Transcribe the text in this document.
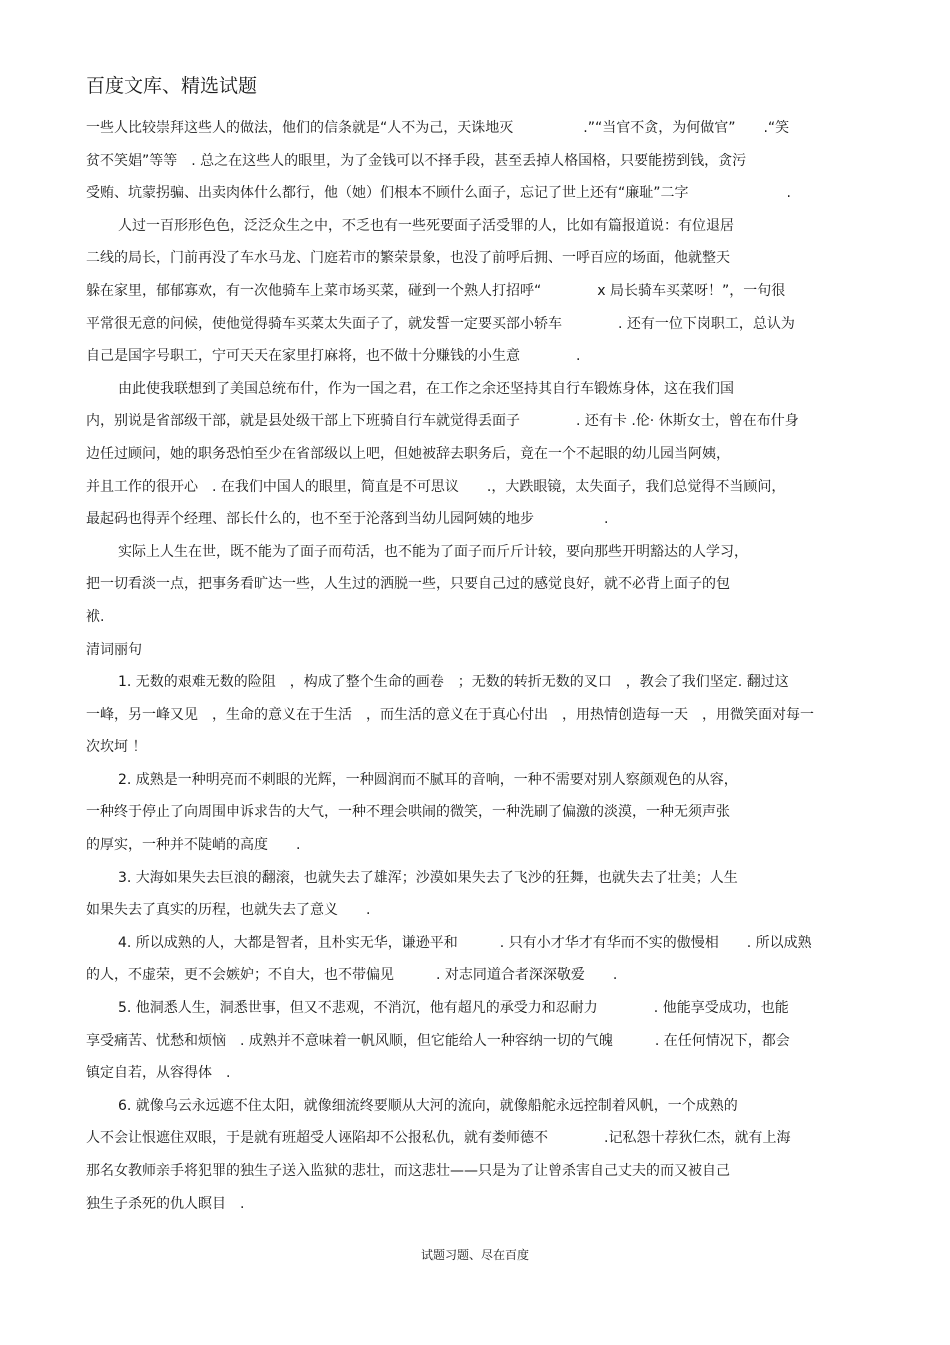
百度文库、精选试题
一些人比较崇拜这些人的做法，他们的信条就是“人不为己，天诛地灭　　　　　.”“当官不贪，为何做官”　　.“笑
贫不笑娼”等等　. 总之在这些人的眼里，为了金钱可以不择手段，甚至丢掉人格国格，只要能捞到钱，贪污
受贿、坑蒙拐骗、出卖肉体什么都行，他（她）们根本不顾什么面子，忘记了世上还有“廉耻”二字　　　　　　　.
人过一百形形色色，泛泛众生之中，不乏也有一些死要面子活受罪的人，比如有篇报道说：有位退居
二线的局长，门前再没了车水马龙、门庭若市的繁荣景象，也没了前呼后拥、一呼百应的场面，他就整天
躲在家里，郁郁寡欢，有一次他骑车上菜市场买菜，碰到一个熟人打招呼“　　　　x 局长骑车买菜呀！”，一句很
平常很无意的问候，使他觉得骑车买菜太失面子了，就发誓一定要买部小轿车　　　　. 还有一位下岗职工，总认为
自己是国字号职工，宁可天天在家里打麻将，也不做十分赚钱的小生意　　　　.
由此使我联想到了美国总统布什，作为一国之君，在工作之余还坚持其自行车锻炼身体，这在我们国
内，别说是省部级干部，就是县处级干部上下班骑自行车就觉得丢面子　　　　. 还有卡 .伦· 休斯女士，曾在布什身
边任过顾问，她的职务恐怕至少在省部级以上吧，但她被辞去职务后，竟在一个不起眼的幼儿园当阿姨，
并且工作的很开心　. 在我们中国人的眼里，简直是不可思议　　.，大跌眼镜，太失面子，我们总觉得不当顾问，
最起码也得弄个经理、部长什么的，也不至于沦落到当幼儿园阿姨的地步　　　　　.
实际上人生在世，既不能为了面子而苟活，也不能为了面子而斤斤计较，要向那些开明豁达的人学习，
把一切看淡一点，把事务看旷达一些，人生过的洒脱一些，只要自己过的感觉良好，就不必背上面子的包
袱.
清词丽句
1. 无数的艰难无数的险阻　，构成了整个生命的画卷　；无数的转折无数的叉口　，教会了我们坚定. 翻过这
一峰，另一峰又见　，生命的意义在于生活　，而生活的意义在于真心付出　，用热情创造每一天　，用微笑面对每一
次坎坷 ！
2. 成熟是一种明亮而不刺眼的光辉，一种圆润而不腻耳的音响，一种不需要对别人察颜观色的从容，
一种终于停止了向周围申诉求告的大气，一种不理会哄闹的微笑，一种洗刷了偏激的淡漠，一种无须声张
的厚实，一种并不陡峭的高度　　.
3. 大海如果失去巨浪的翻滚，也就失去了雄浑；沙漠如果失去了飞沙的狂舞，也就失去了壮美；人生
如果失去了真实的历程，也就失去了意义　　.
4. 所以成熟的人，大都是智者，且朴实无华，谦逊平和　　　. 只有小才华才有华而不实的傲慢相　　. 所以成熟
的人，不虚荣，更不会嫉妒；不自大，也不带偏见　　　. 对志同道合者深深敬爱　　.
5. 他洞悉人生，洞悉世事，但又不悲观，不消沉，他有超凡的承受力和忍耐力　　　　. 他能享受成功，也能
享受痛苦、忧愁和烦恼　. 成熟并不意味着一帆风顺，但它能给人一种容纳一切的气魄　　　. 在任何情况下，都会
镇定自若，从容得体　.
6. 就像乌云永远遮不住太阳，就像细流终要顺从大河的流向，就像船舵永远控制着风帆，一个成熟的
人不会让恨遮住双眼，于是就有班超受人诬陷却不公报私仇，就有娄师德不　　　　.记私怨十荐狄仁杰，就有上海
那名女教师亲手将犯罪的独生子送入监狱的悲壮，而这悲壮——只是为了让曾杀害自己丈夫的而又被自己
独生子杀死的仇人瞑目　.
试题习题、尽在百度
